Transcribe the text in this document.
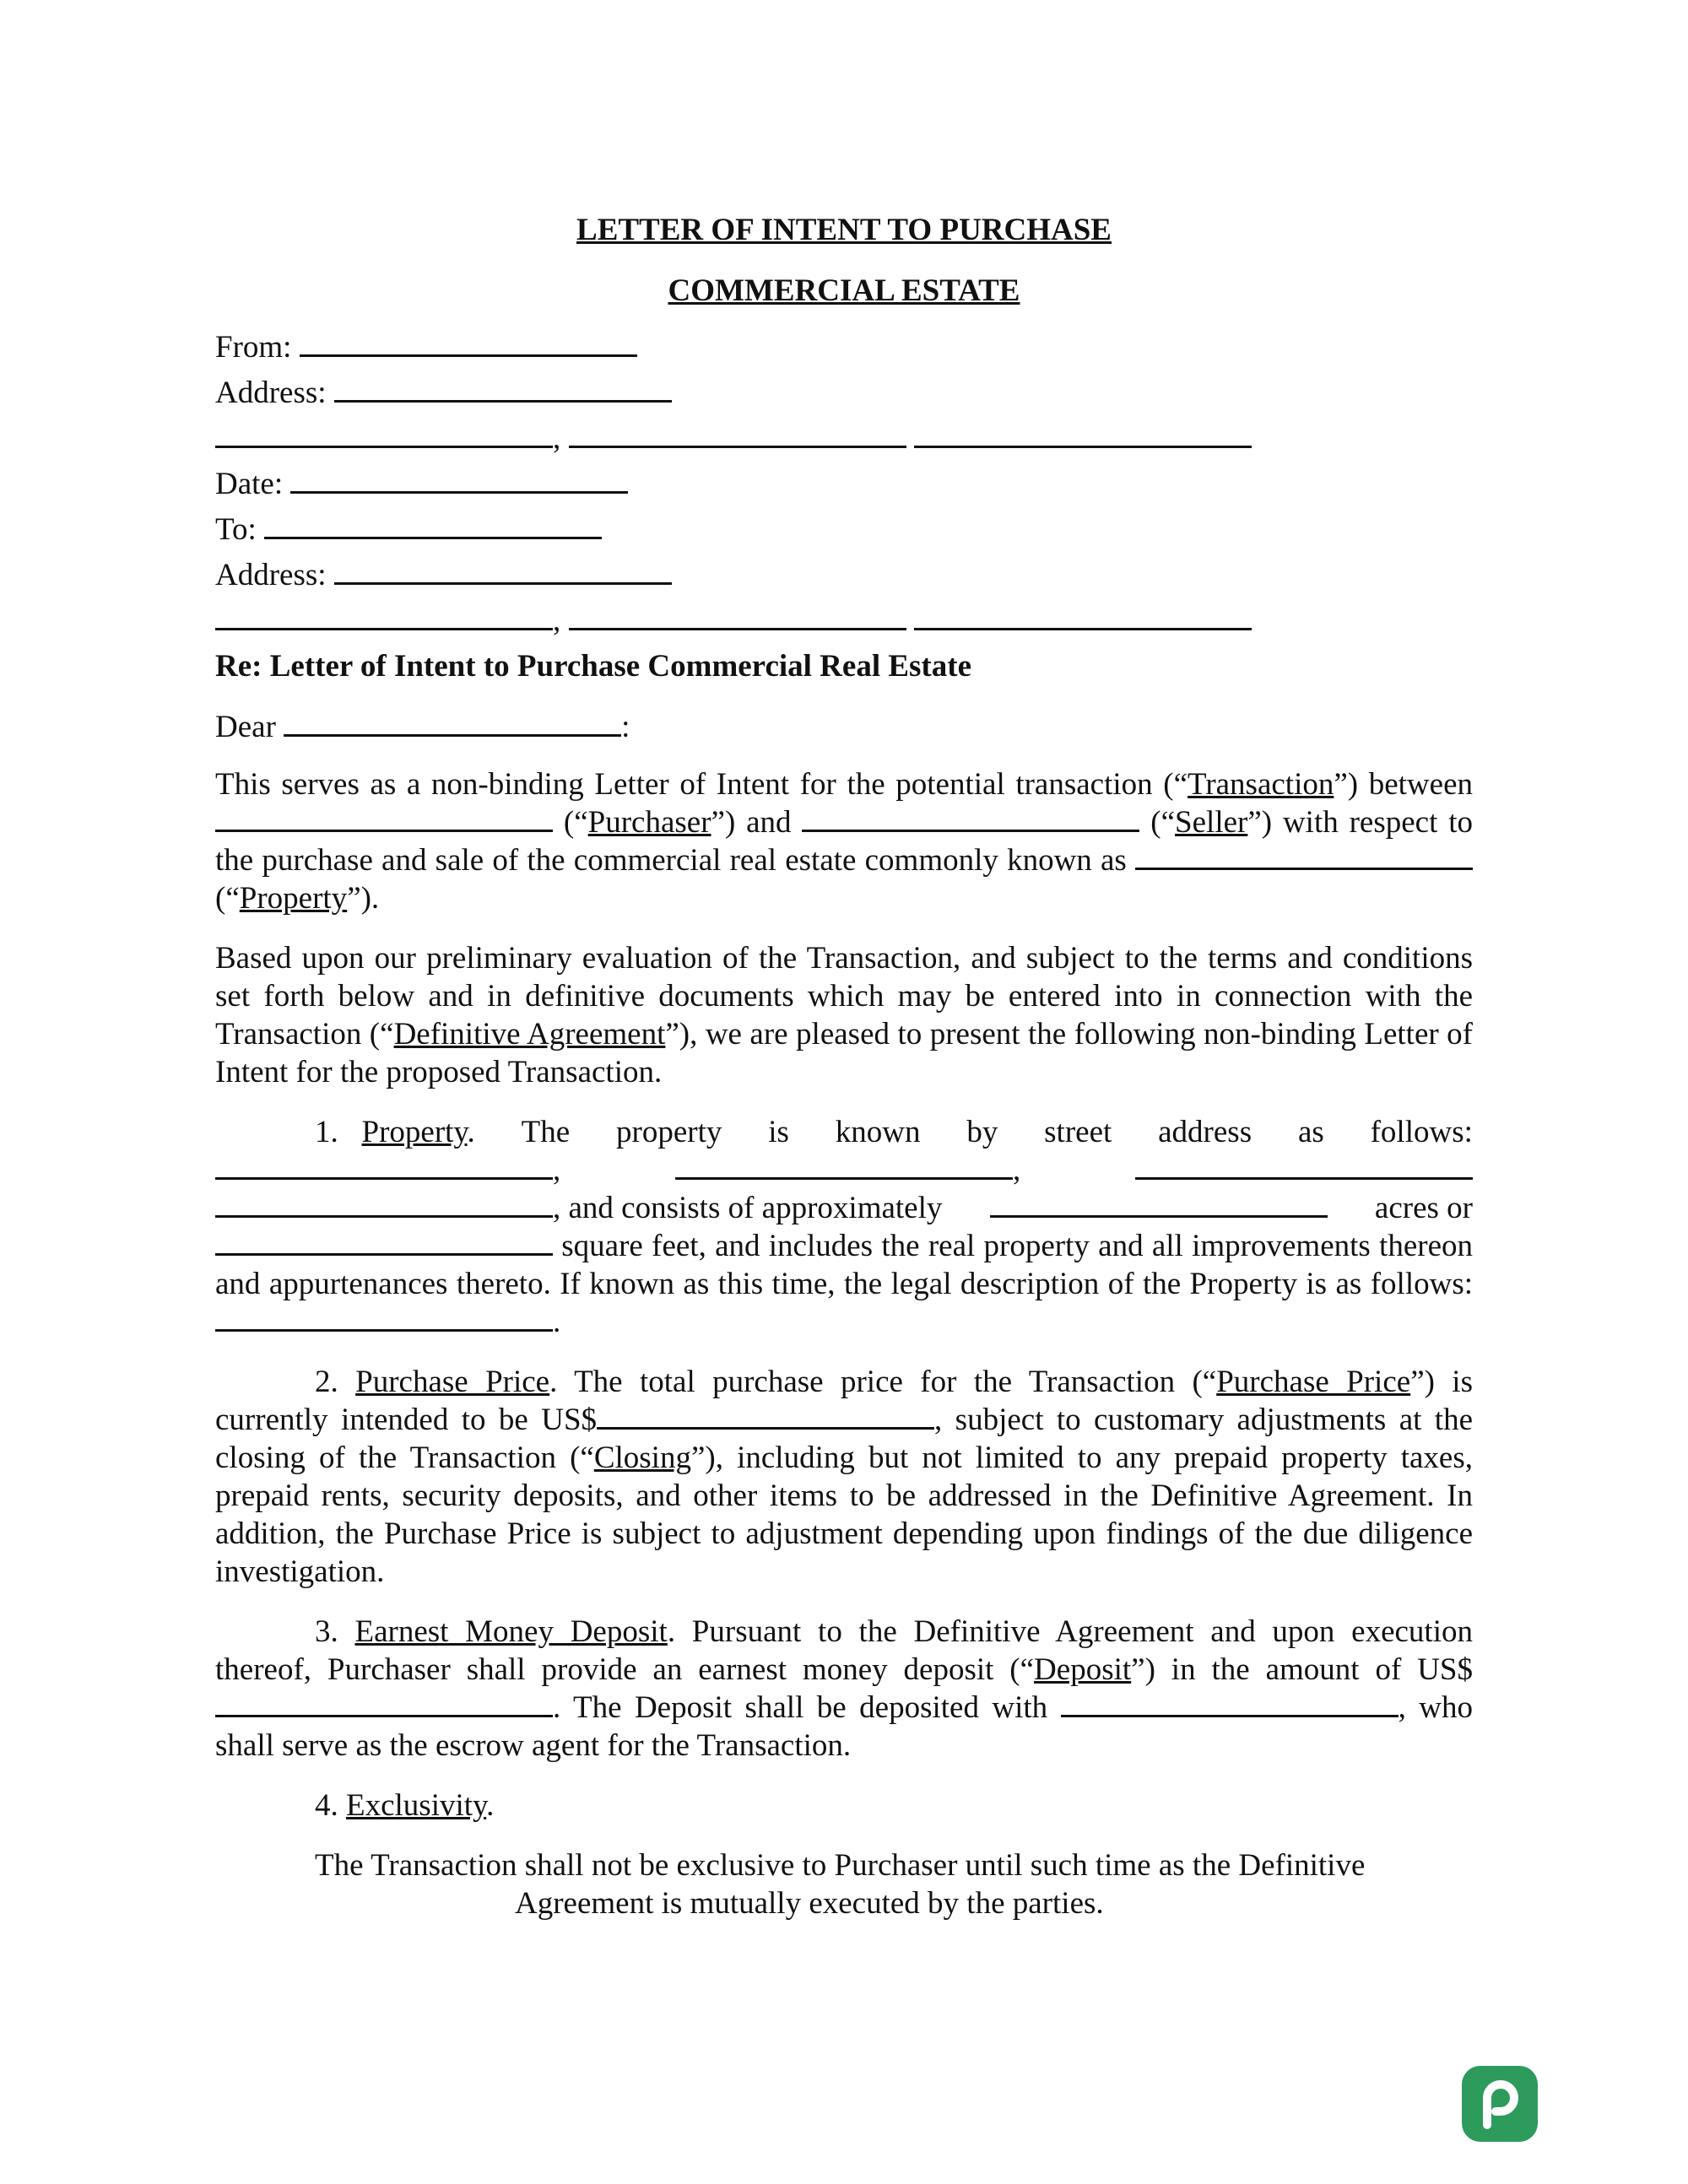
LETTER OF INTENT TO PURCHASE

COMMERCIAL ESTATE

From:

Address:

,

Date:

To:

Address:

,

Re: Letter of Intent to Purchase Commercial Real Estate

Dear	:

This serves as a non-binding Letter of Intent for the potential transaction (“Transaction”) between  (“Purchaser”) and	(“Seller”) with respect to the purchase and sale of the commercial real estate commonly known as  (“Property”).

Based upon our preliminary evaluation of the Transaction, and subject to the terms and conditions set forth below and in definitive documents which may be entered into in connection with the Transaction (“Definitive Agreement”), we are pleased to present the following non-binding Letter of Intent for the proposed Transaction.

1. Property. The property is known by street address as follows:
,	,
, and consists of approximately	acres or

square feet, and includes the real property and all improvements thereon and appurtenances thereto. If known as this time, the legal description of the Property is as follows: .

2. Purchase Price. The total purchase price for the Transaction (“Purchase Price”) is currently intended to be US$	, subject to customary adjustments at the closing of the Transaction (“Closing”), including but not limited to any prepaid property taxes, prepaid rents, security deposits, and other items to be addressed in the Definitive Agreement. In addition, the Purchase Price is subject to adjustment depending upon findings of the due diligence investigation.

3. Earnest Money Deposit. Pursuant to the Definitive Agreement and upon execution thereof, Purchaser shall provide an earnest money deposit (“Deposit”) in the amount of US$ . The Deposit shall be deposited with	, who shall serve as the escrow agent for the Transaction.

4. Exclusivity.

The Transaction shall not be exclusive to Purchaser until such time as the Definitive
Agreement is mutually executed by the parties.
